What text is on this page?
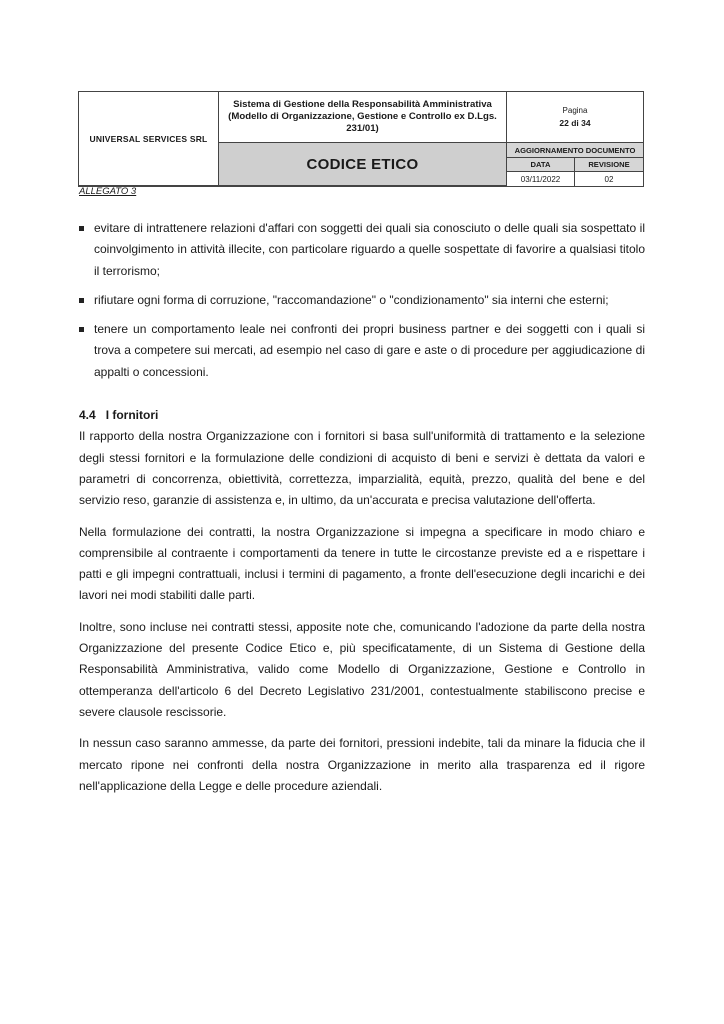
UNIVERSAL SERVICES SRL
Sistema di Gestione della Responsabilità Amministrativa (Modello di Organizzazione, Gestione e Controllo ex D.Lgs. 231/01)
Pagina
22 di 34
CODICE ETICO
AGGIORNAMENTO DOCUMENTO
DATA	REVISIONE
03/11/2022	02
ALLEGATO 3
evitare di intrattenere relazioni d'affari con soggetti dei quali sia conosciuto o delle quali sia sospettato il coinvolgimento in attività illecite, con particolare riguardo a quelle sospettate di favorire a qualsiasi titolo il terrorismo;
rifiutare ogni forma di corruzione, "raccomandazione" o "condizionamento" sia interni che esterni;
tenere un comportamento leale nei confronti dei propri business partner e dei soggetti con i quali si trova a competere sui mercati, ad esempio nel caso di gare e aste o di procedure per aggiudicazione di appalti o concessioni.
4.4 I fornitori

Il rapporto della nostra Organizzazione con i fornitori si basa sull'uniformità di trattamento e la selezione degli stessi fornitori e la formulazione delle condizioni di acquisto di beni e servizi è dettata da valori e parametri di concorrenza, obiettività, correttezza, imparzialità, equità, prezzo, qualità del bene e del servizio reso, garanzie di assistenza e, in ultimo, da un'accurata e precisa valutazione dell'offerta.

Nella formulazione dei contratti, la nostra Organizzazione si impegna a specificare in modo chiaro e comprensibile al contraente i comportamenti da tenere in tutte le circostanze previste ed a e rispettare i patti e gli impegni contrattuali, inclusi i termini di pagamento, a fronte dell'esecuzione degli incarichi e dei lavori nei modi stabiliti dalle parti.

Inoltre, sono incluse nei contratti stessi, apposite note che, comunicando l'adozione da parte della nostra Organizzazione del presente Codice Etico e, più specificatamente, di un Sistema di Gestione della Responsabilità Amministrativa, valido come Modello di Organizzazione, Gestione e Controllo in ottemperanza dell'articolo 6 del Decreto Legislativo 231/2001, contestualmente stabiliscono precise e severe clausole rescissorie.

In nessun caso saranno ammesse, da parte dei fornitori, pressioni indebite, tali da minare la fiducia che il mercato ripone nei confronti della nostra Organizzazione in merito alla trasparenza ed il rigore nell'applicazione della Legge e delle procedure aziendali.
